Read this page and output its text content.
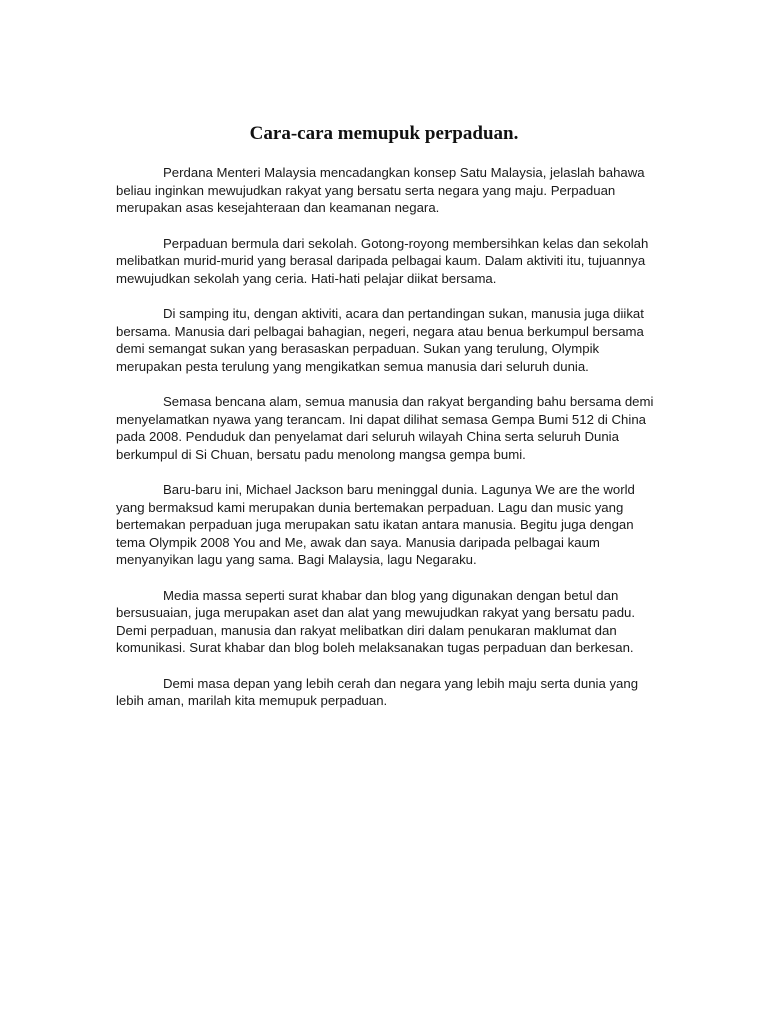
Cara-cara memupuk perpaduan.

Perdana Menteri Malaysia mencadangkan konsep Satu Malaysia, jelaslah bahawa
beliau inginkan mewujudkan rakyat yang bersatu serta negara yang maju. Perpaduan
merupakan asas kesejahteraan dan keamanan negara.

Perpaduan bermula dari sekolah. Gotong-royong membersihkan kelas dan sekolah
melibatkan murid-murid yang berasal daripada pelbagai kaum. Dalam aktiviti itu, tujuannya
mewujudkan sekolah yang ceria. Hati-hati pelajar diikat bersama.

Di samping itu, dengan aktiviti, acara dan pertandingan sukan, manusia juga diikat
bersama. Manusia dari pelbagai bahagian, negeri, negara atau benua berkumpul bersama
demi semangat sukan yang berasaskan perpaduan. Sukan yang terulung, Olympik
merupakan pesta terulung yang mengikatkan semua manusia dari seluruh dunia.

Semasa bencana alam, semua manusia dan rakyat berganding bahu bersama demi
menyelamatkan nyawa yang terancam. Ini dapat dilihat semasa Gempa Bumi 512 di China
pada 2008. Penduduk dan penyelamat dari seluruh wilayah China serta seluruh Dunia
berkumpul di Si Chuan, bersatu padu menolong mangsa gempa bumi.

Baru-baru ini, Michael Jackson baru meninggal dunia. Lagunya We are the world
yang bermaksud kami merupakan dunia bertemakan perpaduan. Lagu dan music yang
bertemakan perpaduan juga merupakan satu ikatan antara manusia. Begitu juga dengan
tema Olympik 2008 You and Me, awak dan saya. Manusia daripada pelbagai kaum
menyanyikan lagu yang sama. Bagi Malaysia, lagu Negaraku.

Media massa seperti surat khabar dan blog yang digunakan dengan betul dan
bersusuaian, juga merupakan aset dan alat yang mewujudkan rakyat yang bersatu padu.
Demi perpaduan, manusia dan rakyat melibatkan diri dalam penukaran maklumat dan
komunikasi. Surat khabar dan blog boleh melaksanakan tugas perpaduan dan berkesan.

Demi masa depan yang lebih cerah dan negara yang lebih maju serta dunia yang
lebih aman, marilah kita memupuk perpaduan.
